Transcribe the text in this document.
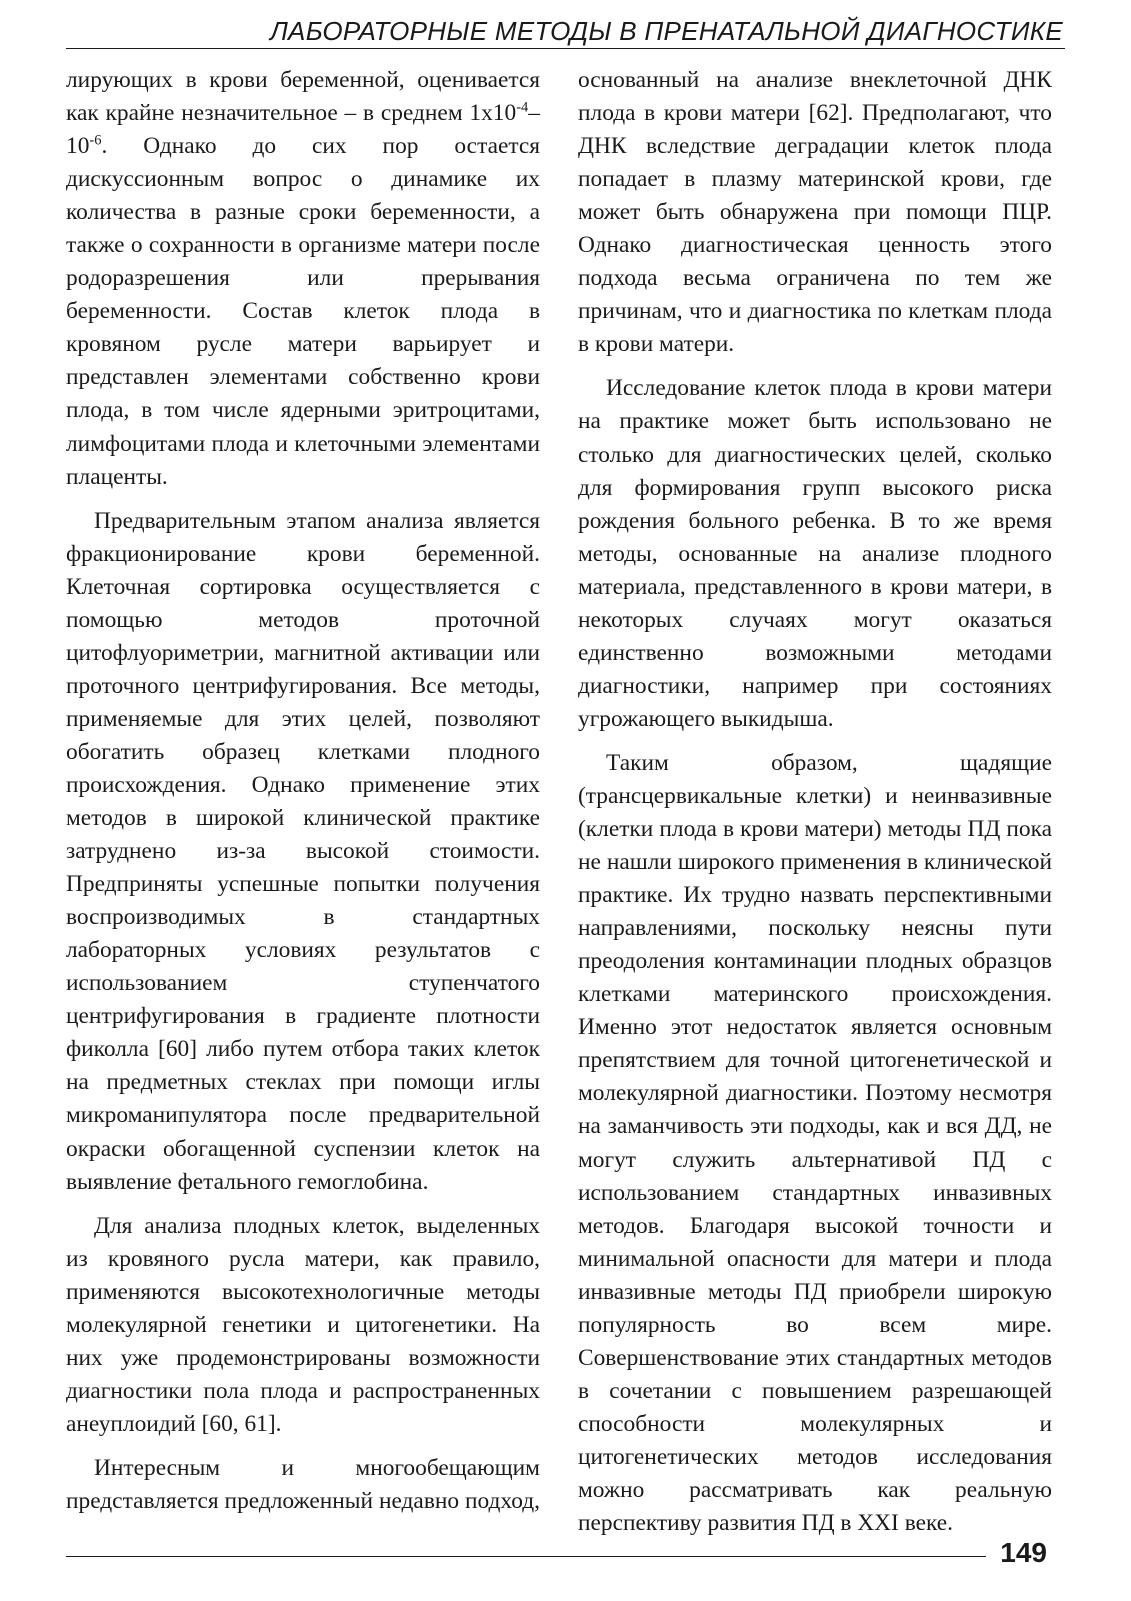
ЛАБОРАТОРНЫЕ МЕТОДЫ В ПРЕНАТАЛЬНОЙ ДИАГНОСТИКЕ

лирующих в крови беременной, оценивается как крайне незначительное – в среднем $1х10^{-4}-10^{-6}$. Однако до сих пор остается дискуссионным вопрос о динамике их количества в разные сроки беременности, а также о сохранности в организме матери после родоразрешения или прерывания беременности. Состав клеток плода в кровяном русле матери варьирует и представлен элементами собственно крови плода, в том числе ядерными эритроцитами, лимфоцитами плода и клеточными элементами плаценты.

Предварительным этапом анализа является фракционирование крови беременной. Клеточная сортировка осуществляется с помощью методов проточной цитофлуориметрии, магнитной активации или проточного центрифугирования. Все методы, применяемые для этих целей, позволяют обогатить образец клетками плодного происхождения. Однако применение этих методов в широкой клинической практике затруднено из-за высокой стоимости. Предприняты успешные попытки получения воспроизводимых в стандартных лабораторных условиях результатов с использованием ступенчатого центрифугирования в градиенте плотности фиколла [60] либо путем отбора таких клеток на предметных стеклах при помощи иглы микроманипулятора после предварительной окраски обогащенной суспензии клеток на выявление фетального гемоглобина.

Для анализа плодных клеток, выделенных из кровяного русла матери, как правило, применяются высокотехнологичные методы молекулярной генетики и цитогенетики. На них уже продемонстрированы возможности диагностики пола плода и распространенных анеуплоидий [60, 61].

Интересным и многообещающим представляется предложенный недавно подход,

основанный на анализе внеклеточной ДНК плода в крови матери [62]. Предполагают, что ДНК вследствие деградации клеток плода попадает в плазму материнской крови, где может быть обнаружена при помощи ПЦР. Однако диагностическая ценность этого подхода весьма ограничена по тем же причинам, что и диагностика по клеткам плода в крови матери.

Исследование клеток плода в крови матери на практике может быть использовано не столько для диагностических целей, сколько для формирования групп высокого риска рождения больного ребенка. В то же время методы, основанные на анализе плодного материала, представленного в крови матери, в некоторых случаях могут оказаться единственно возможными методами диагностики, например при состояниях угрожающего выкидыша.

Таким образом, щадящие (трансцервикальные клетки) и неинвазивные (клетки плода в крови матери) методы ПД пока не нашли широкого применения в клинической практике. Их трудно назвать перспективными направлениями, поскольку неясны пути преодоления контаминации плодных образцов клетками материнского происхождения. Именно этот недостаток является основным препятствием для точной цитогенетической и молекулярной диагностики. Поэтому несмотря на заманчивость эти подходы, как и вся ДД, не могут служить альтернативой ПД с использованием стандартных инвазивных методов. Благодаря высокой точности и минимальной опасности для матери и плода инвазивные методы ПД приобрели широкую популярность во всем мире. Совершенствование этих стандартных методов в сочетании с повышением разрешающей способности молекулярных и цитогенетических методов исследования можно рассматривать как реальную перспективу развития ПД в XXI веке.

149
